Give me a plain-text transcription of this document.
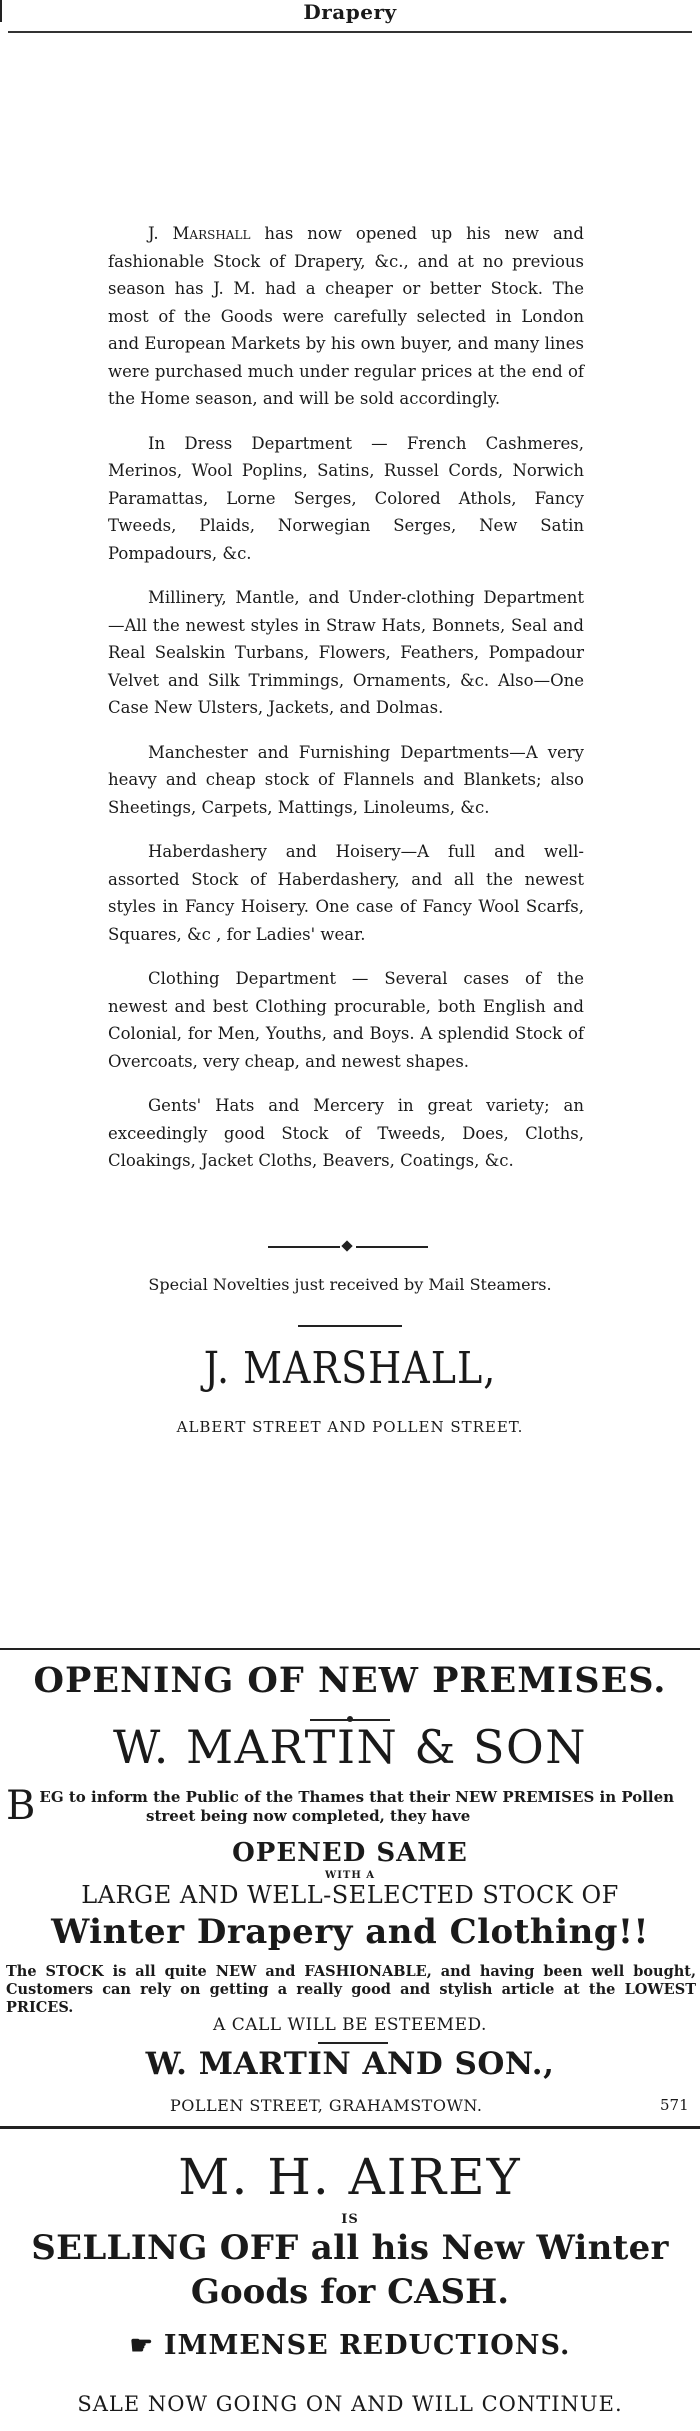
Drapery

J. Marshall has now opened up his new and fashionable Stock of Drapery, &c., and at no previous season has J. M. had a cheaper or better Stock. The most of the Goods were carefully selected in London and European Markets by his own buyer, and many lines were purchased much under regular prices at the end of the Home season, and will be sold accordingly.

In Dress Department — French Cashmeres, Merinos, Wool Poplins, Satins, Russel Cords, Norwich Paramattas, Lorne Serges, Colored Athols, Fancy Tweeds, Plaids, Norwegian Serges, New Satin Pompadours, &c.

Millinery, Mantle, and Under-clothing Department—All the newest styles in Straw Hats, Bonnets, Seal and Real Sealskin Turbans, Flowers, Feathers, Pompadour Velvet and Silk Trimmings, Ornaments, &c. Also—One Case New Ulsters, Jackets, and Dolmas.

Manchester and Furnishing Departments—A very heavy and cheap stock of Flannels and Blankets; also Sheetings, Carpets, Mattings, Linoleums, &c.

Haberdashery and Hoisery—A full and well-assorted Stock of Haberdashery, and all the newest styles in Fancy Hoisery. One case of Fancy Wool Scarfs, Squares, &c , for Ladies' wear.

Clothing Department — Several cases of the newest and best Clothing procurable, both English and Colonial, for Men, Youths, and Boys. A splendid Stock of Overcoats, very cheap, and newest shapes.

Gents' Hats and Mercery in great variety; an exceedingly good Stock of Tweeds, Does, Cloths, Cloakings, Jacket Cloths, Beavers, Coatings, &c.

Special Novelties just received by Mail Steamers.
J. MARSHALL,
ALBERT STREET AND POLLEN STREET.
OPENING OF NEW PREMISES.
W. MARTIN & SON
B EG to inform the Public of the Thames that their NEW PREMISES in Pollen
street being now completed, they have
OPENED SAME
WITH A
LARGE AND WELL-SELECTED STOCK OF
Winter Drapery and Clothing!!
The STOCK is all quite NEW and FASHIONABLE, and having been well bought, Customers can rely on getting a really good and stylish article at the LOWEST PRICES.
A CALL WILL BE ESTEEMED.
W. MARTIN AND SON.,
POLLEN STREET, GRAHAMSTOWN.	571
M. H. AIREY
IS
SELLING OFF all his New Winter
Goods for CASH.
☛ IMMENSE REDUCTIONS.
SALE NOW GOING ON AND WILL CONTINUE.
